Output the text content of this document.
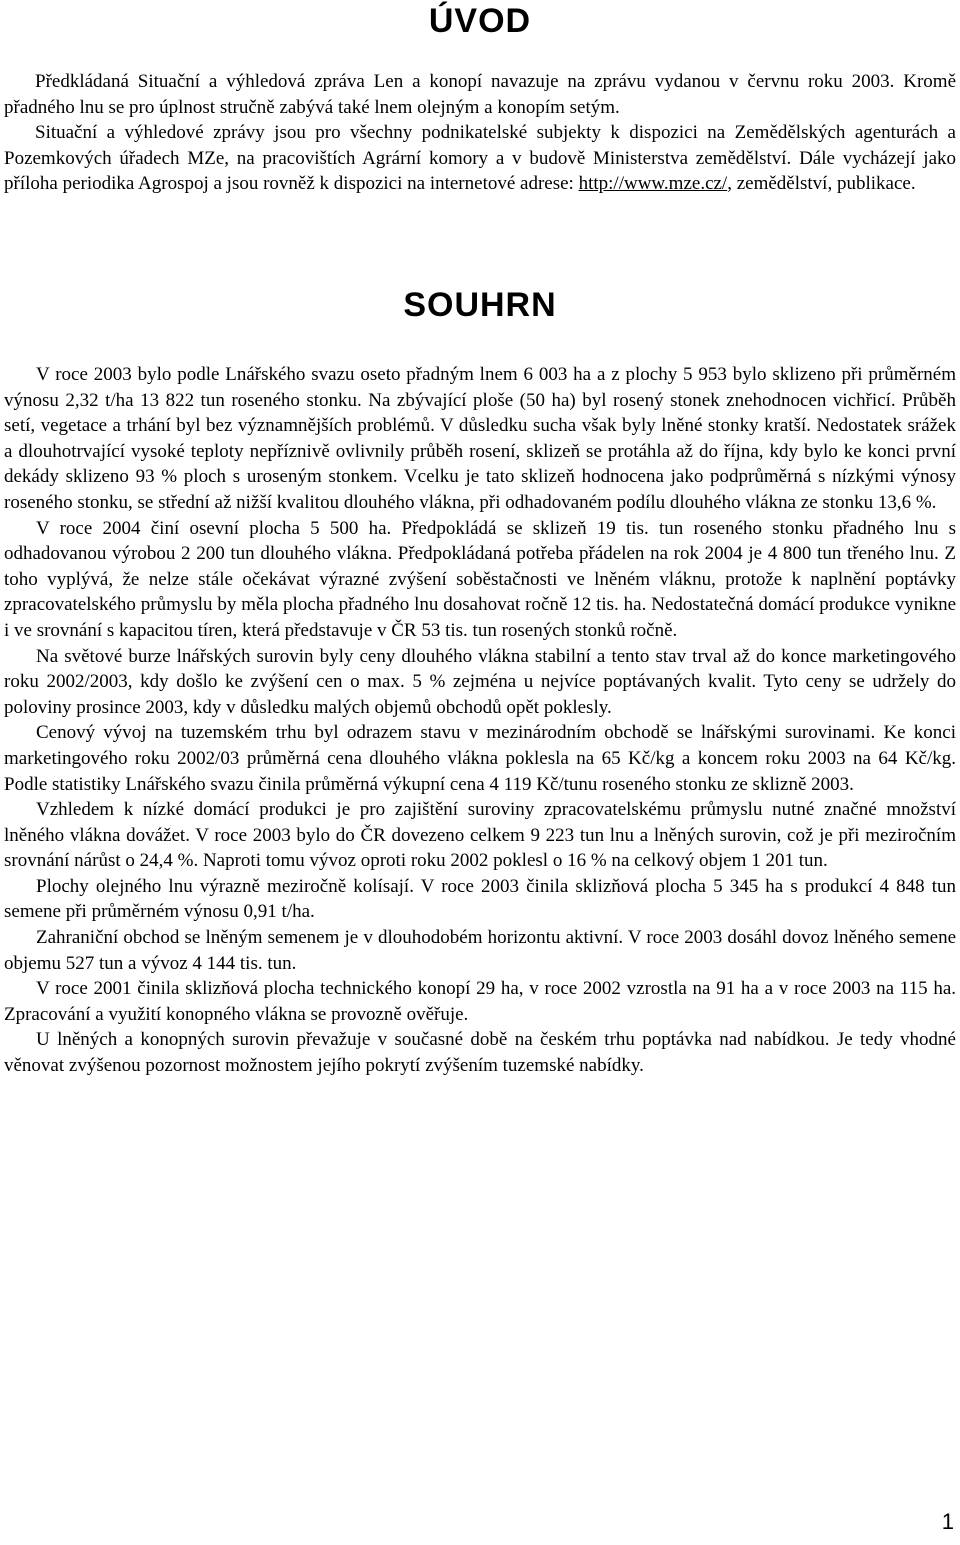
ÚVOD

Předkládaná Situační a výhledová zpráva Len a konopí navazuje na zprávu vydanou v červnu roku 2003. Kromě přadného lnu se pro úplnost stručně zabývá také lnem olejným a konopím setým.

Situační a výhledové zprávy jsou pro všechny podnikatelské subjekty k dispozici na Zemědělských agenturách a Pozemkových úřadech MZe, na pracovištích Agrární komory a v budově Ministerstva zemědělství. Dále vycházejí jako příloha periodika Agrospoj a jsou rovněž k dispozici na internetové adrese: http://www.mze.cz/, zemědělství, publikace.

SOUHRN

V roce 2003 bylo podle Lnářského svazu oseto přadným lnem 6 003 ha a z plochy 5 953 bylo sklizeno při průměrném výnosu 2,32 t/ha 13 822 tun roseného stonku. Na zbývající ploše (50 ha) byl rosený stonek znehodnocen vichřicí. Průběh setí, vegetace a trhání byl bez významnějších problémů. V důsledku sucha však byly lněné stonky kratší. Nedostatek srážek a dlouhotrvající vysoké teploty nepříznivě ovlivnily průběh rosení, sklizeň se protáhla až do října, kdy bylo ke konci první dekády sklizeno 93 % ploch s uroseným stonkem. Vcelku je tato sklizeň hodnocena jako podprůměrná s nízkými výnosy roseného stonku, se střední až nižší kvalitou dlouhého vlákna, při odhadovaném podílu dlouhého vlákna ze stonku 13,6 %.

V roce 2004 činí osevní plocha 5 500 ha. Předpokládá se sklizeň 19 tis. tun roseného stonku přadného lnu s odhadovanou výrobou 2 200 tun dlouhého vlákna. Předpokládaná potřeba přádelen na rok 2004 je 4 800 tun třeného lnu. Z toho vyplývá, že nelze stále očekávat výrazné zvýšení soběstačnosti ve lněném vláknu, protože k naplnění poptávky zpracovatelského průmyslu by měla plocha přadného lnu dosahovat ročně 12 tis. ha. Nedostatečná domácí produkce vynikne i ve srovnání s kapacitou tíren, která představuje v ČR 53 tis. tun rosených stonků ročně.

Na světové burze lnářských surovin byly ceny dlouhého vlákna stabilní a tento stav trval až do konce marketingového roku 2002/2003, kdy došlo ke zvýšení cen o max. 5 % zejména u nejvíce poptávaných kvalit. Tyto ceny se udržely do poloviny prosince 2003, kdy v důsledku malých objemů obchodů opět poklesly.

Cenový vývoj na tuzemském trhu byl odrazem stavu v mezinárodním obchodě se lnářskými surovinami. Ke konci marketingového roku 2002/03 průměrná cena dlouhého vlákna poklesla na 65 Kč/kg a koncem roku 2003 na 64 Kč/kg. Podle statistiky Lnářského svazu činila průměrná výkupní cena 4 119 Kč/tunu roseného stonku ze sklizně 2003.

Vzhledem k nízké domácí produkci je pro zajištění suroviny zpracovatelskému průmyslu nutné značné množství lněného vlákna dovážet. V roce 2003 bylo do ČR dovezeno celkem 9 223 tun lnu a lněných surovin, což je při meziročním srovnání nárůst o 24,4 %. Naproti tomu vývoz oproti roku 2002 poklesl o 16 % na celkový objem 1 201 tun.

Plochy olejného lnu výrazně meziročně kolísají. V roce 2003 činila sklizňová plocha 5 345 ha s produkcí 4 848 tun semene při průměrném výnosu 0,91 t/ha.

Zahraniční obchod se lněným semenem je v dlouhodobém horizontu aktivní. V roce 2003 dosáhl dovoz lněného semene objemu 527 tun a vývoz 4 144 tis. tun.

V roce 2001 činila sklizňová plocha technického konopí 29 ha, v roce 2002 vzrostla na 91 ha a v roce 2003 na 115 ha. Zpracování a využití konopného vlákna se provozně ověřuje.

U lněných a konopných surovin převažuje v současné době na českém trhu poptávka nad nabídkou. Je tedy vhodné věnovat zvýšenou pozornost možnostem jejího pokrytí zvýšením tuzemské nabídky.

1
